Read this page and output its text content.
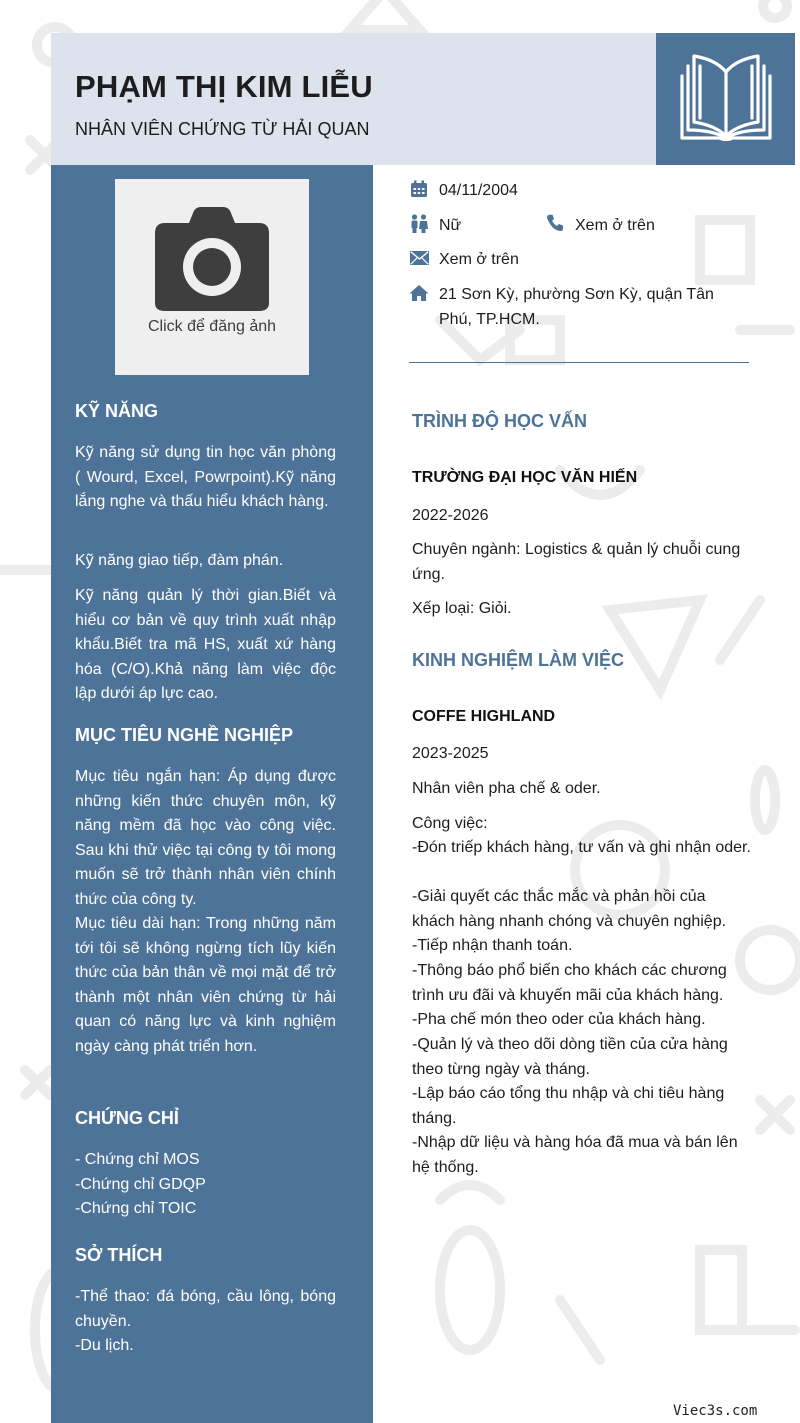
PHẠM THỊ KIM LIỄU
NHÂN VIÊN CHỨNG TỪ HẢI QUAN
Click để đăng ảnh
KỸ NĂNG
Kỹ năng sử dụng tin học văn phòng ( Wourd, Excel, Powrpoint).Kỹ năng lắng nghe và thấu hiểu khách hàng.
Kỹ năng giao tiếp, đàm phán.
Kỹ năng quản lý thời gian.Biết và hiểu cơ bản về quy trình xuất nhập khẩu.Biết tra mã HS, xuất xứ hàng hóa (C/O).Khả năng làm việc độc lập dưới áp lực cao.
MỤC TIÊU NGHỀ NGHIỆP
Mục tiêu ngắn hạn: Áp dụng được những kiến thức chuyên môn, kỹ năng mềm đã học vào công việc. Sau khi thử việc tại công ty tôi mong muốn sẽ trở thành nhân viên chính thức của công ty.
Mục tiêu dài hạn: Trong những năm tới tôi sẽ không ngừng tích lũy kiến thức của bản thân về mọi mặt để trở thành một nhân viên chứng từ hải quan có năng lực và kinh nghiệm ngày càng phát triển hơn.
CHỨNG CHỈ
- Chứng chỉ MOS
-Chứng chỉ GDQP
-Chứng chỉ TOIC
SỞ THÍCH
-Thể thao: đá bóng, cầu lông, bóng chuyền.
-Du lịch.
04/11/2004
Nữ	Xem ở trên
Xem ở trên
21 Sơn Kỳ, phường Sơn Kỳ, quận Tân
Phú, TP.HCM.
TRÌNH ĐỘ HỌC VẤN
TRƯỜNG ĐẠI HỌC VĂN HIẾN
2022-2026
Chuyên ngành: Logistics & quản lý chuỗi cung ứng.
Xếp loại: Giỏi.
KINH NGHIỆM LÀM VIỆC
COFFE HIGHLAND
2023-2025
Nhân viên pha chế & oder.
Công việc:
-Đón triếp khách hàng, tư vấn và ghi nhận oder.
-Giải quyết các thắc mắc và phản hồi của khách hàng nhanh chóng và chuyên nghiệp.
-Tiếp nhận thanh toán.
-Thông báo phổ biến cho khách các chương trình ưu đãi và khuyến mãi của khách hàng.
-Pha chế món theo oder của khách hàng.
-Quản lý và theo dõi dòng tiền của cửa hàng theo từng ngày và tháng.
-Lập báo cáo tổng thu nhập và chi tiêu hàng tháng.
-Nhập dữ liệu và hàng hóa đã mua và bán lên hệ thống.
Viec3s.com
